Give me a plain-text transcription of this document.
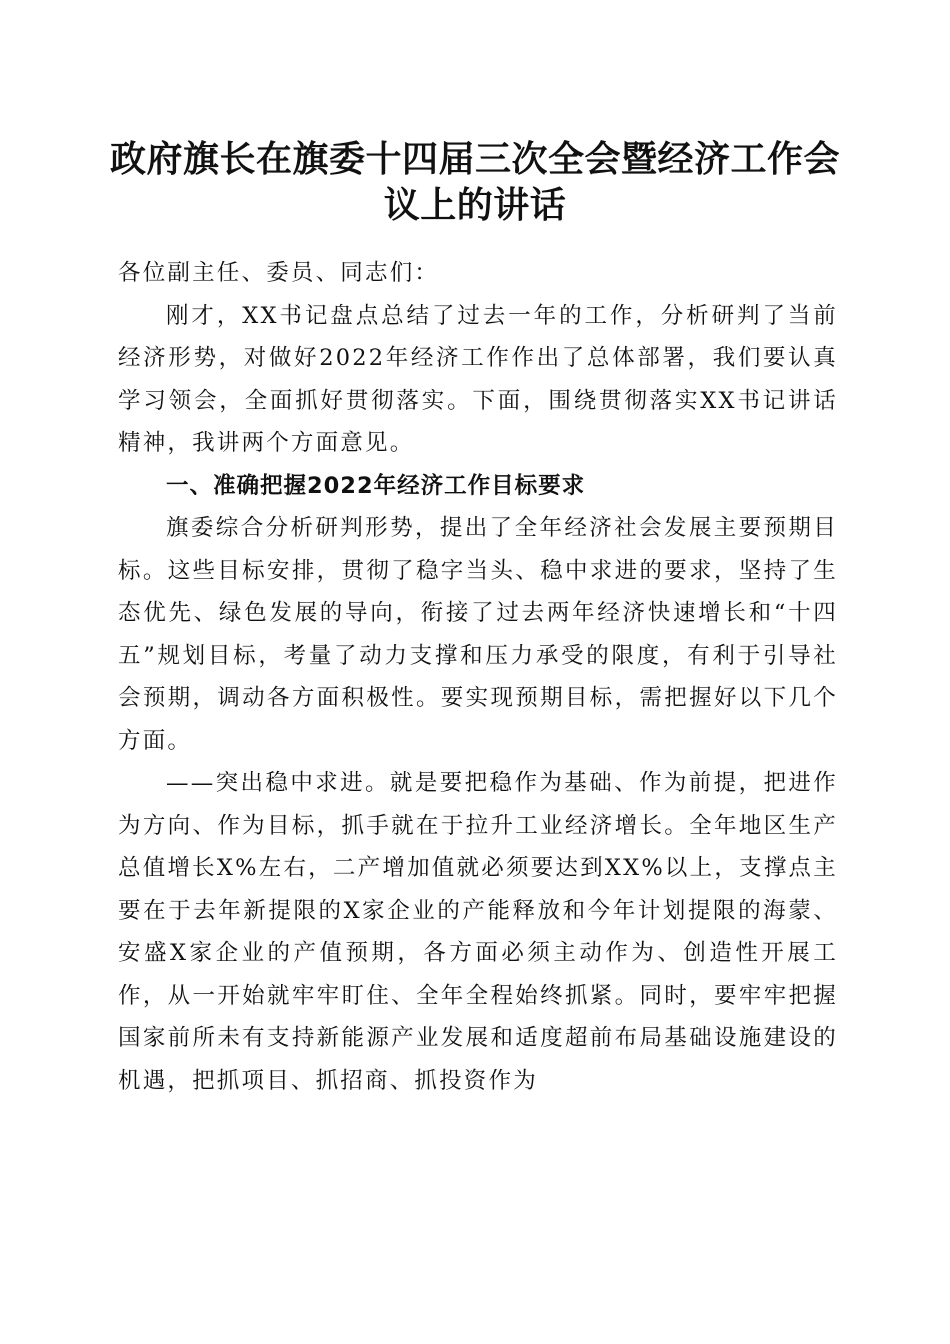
政府旗长在旗委十四届三次全会暨经济工作会
议上的讲话

各位副主任、委员、同志们：

刚才，XX书记盘点总结了过去一年的工作，分析研判了当前经济形势，对做好2022年经济工作作出了总体部署，我们要认真学习领会，全面抓好贯彻落实。下面，围绕贯彻落实XX书记讲话精神，我讲两个方面意见。

一、准确把握2022年经济工作目标要求

旗委综合分析研判形势，提出了全年经济社会发展主要预期目标。这些目标安排，贯彻了稳字当头、稳中求进的要求，坚持了生态优先、绿色发展的导向，衔接了过去两年经济快速增长和“十四五”规划目标，考量了动力支撑和压力承受的限度，有利于引导社会预期，调动各方面积极性。要实现预期目标，需把握好以下几个方面。

——突出稳中求进。就是要把稳作为基础、作为前提，把进作为方向、作为目标，抓手就在于拉升工业经济增长。全年地区生产总值增长X%左右，二产增加值就必须要达到XX%以上，支撑点主要在于去年新提限的X家企业的产能释放和今年计划提限的海蒙、安盛X家企业的产值预期，各方面必须主动作为、创造性开展工作，从一开始就牢牢盯住、全年全程始终抓紧。同时，要牢牢把握国家前所未有支持新能源产业发展和适度超前布局基础设施建设的机遇，把抓项目、抓招商、抓投资作为
